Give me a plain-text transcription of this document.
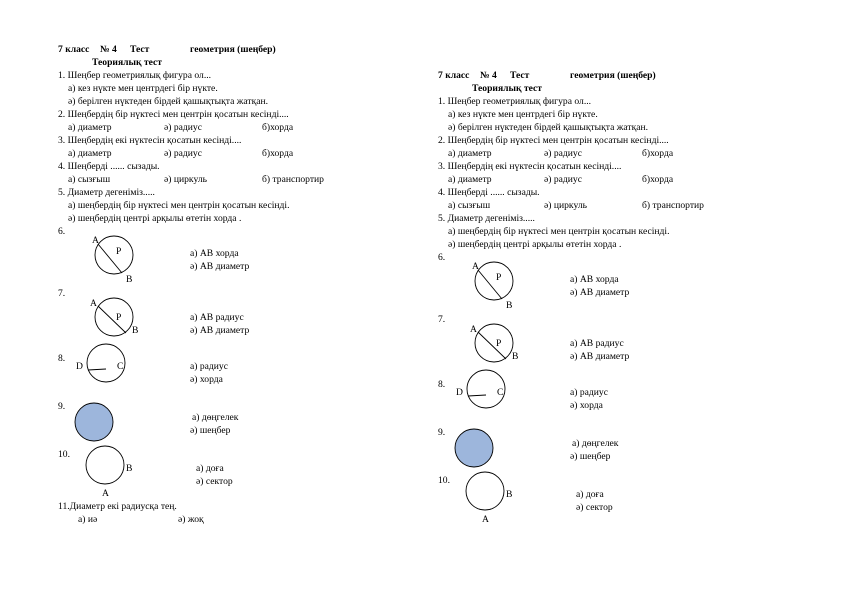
7 класс № 4 Тест	геометрия (шеңбер)
Теориялық тест
1. Шеңбер геометриялық фигура ол...
а) кез нүкте мен центрдегі бір нүкте.
ә) берілген нүктеден бірдей қашықтықта жатқан.
2. Шеңбердің бір нүктесі мен центрін қосатын кесінді....
а) диаметр	ә) радиус	б)хорда
3. Шеңбердің екі нүктесін қосатын кесінді....
а) диаметр	ә) радиус	б)хорда
4. Шеңберді ...... сызады.
а) сызғыш	ә) циркуль	б) транспортир
5. Диаметр дегеніміз.....
а) шеңбердің бір нүктесі мен центрін қосатын кесінді.
ә) шеңбердің центрі арқылы өтетін хорда .
6.
A
P
B
а) AB хорда
ә) AB диаметр
7.
A
P
B
а) AB радиус
ә) AB диаметр
8.
D	C	а) радиус
ә) хорда
9.
а) дөңгелек
ә) шеңбер
10.
B
A
а) доға
ә) сектор
11.Диаметр екі радиусқа тең.
а) иә	ә) жоқ
7 класс № 4 Тест	геометрия (шеңбер)
Теориялық тест
1. Шеңбер геометриялық фигура ол...
а) кез нүкте мен центрдегі бір нүкте.
ә) берілген нүктеден бірдей қашықтықта жатқан.
2. Шеңбердің бір нүктесі мен центрін қосатын кесінді....
а) диаметр	ә) радиус	б)хорда
3. Шеңбердің екі нүктесін қосатын кесінді....
а) диаметр	ә) радиус	б)хорда
4. Шеңберді ...... сызады.
а) сызғыш	ә) циркуль	б) транспортир
5. Диаметр дегеніміз.....
а) шеңбердің бір нүктесі мен центрін қосатын кесінді.
ә) шеңбердің центрі арқылы өтетін хорда .
6.
A
P
B
а) AB хорда
ә) AB диаметр
7.
A
P
B
а) AB радиус
ә) AB диаметр
8.
D	C	а) радиус
ә) хорда
9.
а) дөңгелек
ә) шеңбер
10.
B
A
а) доға
ә) сектор
